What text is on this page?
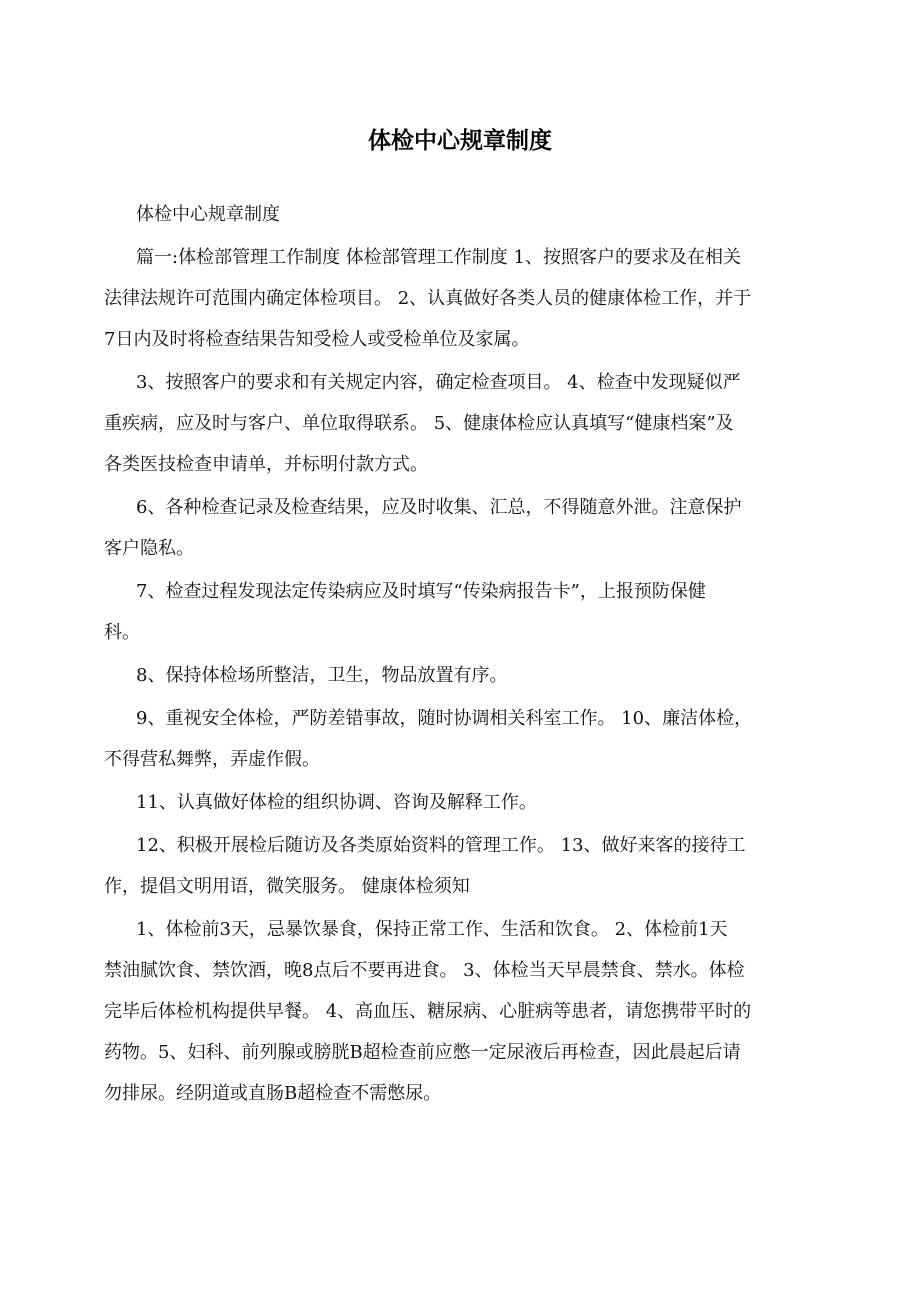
体检中心规章制度

体检中心规章制度

篇一:体检部管理工作制度 体检部管理工作制度 1、按照客户的要求及在相关
法律法规许可范围内确定体检项目。 2、认真做好各类人员的健康体检工作，并于
7日内及时将检查结果告知受检人或受检单位及家属。

3、按照客户的要求和有关规定内容，确定检查项目。 4、检查中发现疑似严
重疾病，应及时与客户、单位取得联系。 5、健康体检应认真填写“健康档案”及
各类医技检查申请单，并标明付款方式。

6、各种检查记录及检查结果，应及时收集、汇总，不得随意外泄。注意保护
客户隐私。

7、检查过程发现法定传染病应及时填写“传染病报告卡”，上报预防保健
科。

8、保持体检场所整洁，卫生，物品放置有序。

9、重视安全体检，严防差错事故，随时协调相关科室工作。 10、廉洁体检，
不得营私舞弊，弄虚作假。

11、认真做好体检的组织协调、咨询及解释工作。

12、积极开展检后随访及各类原始资料的管理工作。 13、做好来客的接待工
作，提倡文明用语，微笑服务。 健康体检须知

1、体检前3天，忌暴饮暴食，保持正常工作、生活和饮食。 2、体检前1天
禁油腻饮食、禁饮酒，晚8点后不要再进食。 3、体检当天早晨禁食、禁水。体检
完毕后体检机构提供早餐。 4、高血压、糖尿病、心脏病等患者，请您携带平时的
药物。5、妇科、前列腺或膀胱B超检查前应憋一定尿液后再检查，因此晨起后请
勿排尿。经阴道或直肠B超检查不需憋尿。
